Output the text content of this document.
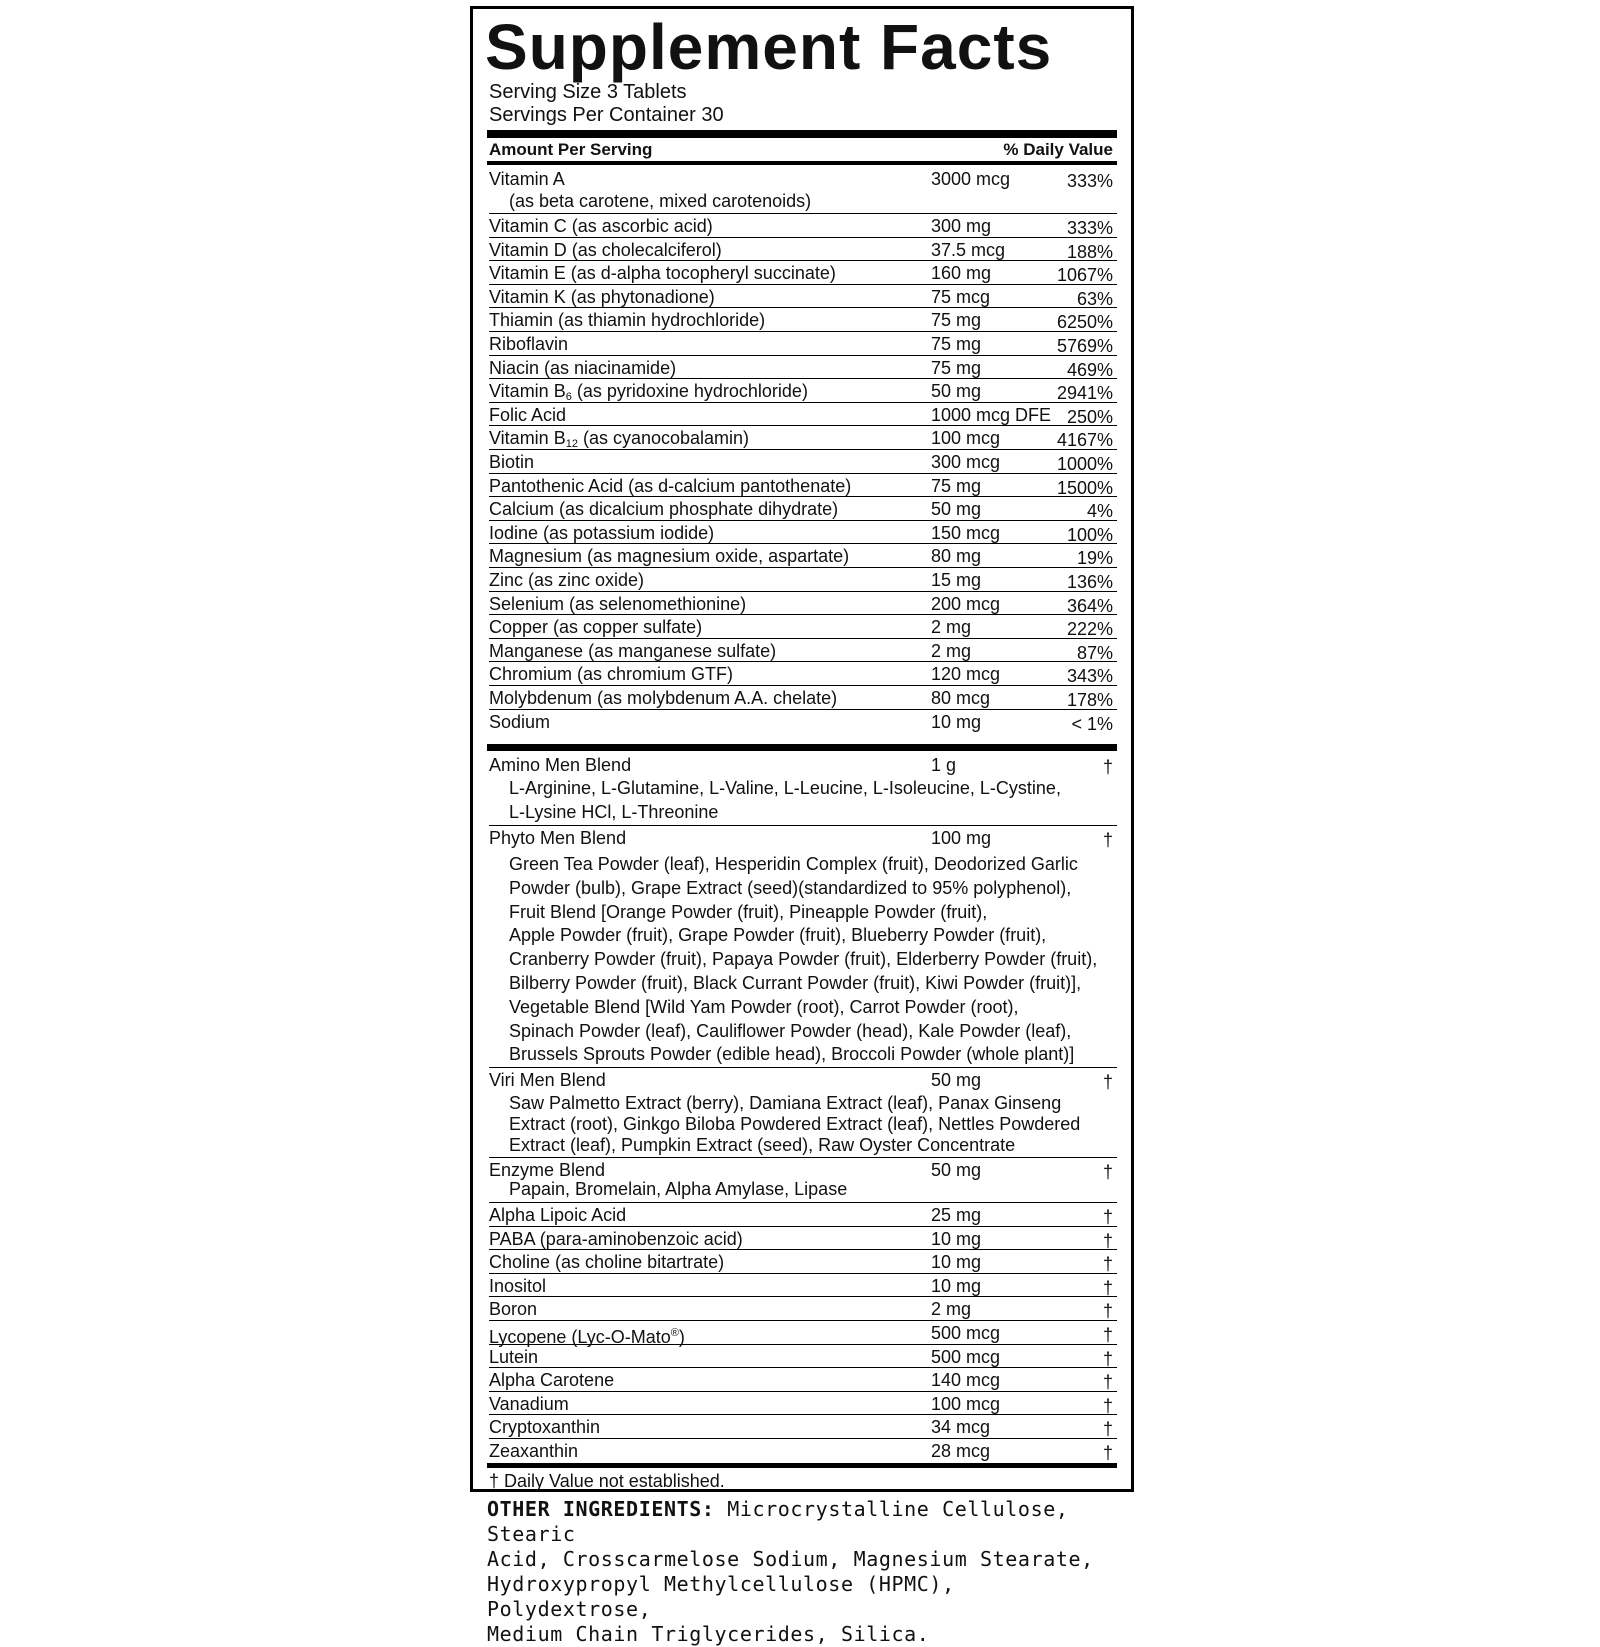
Supplement Facts
Serving Size 3 Tablets
Servings Per Container 30
Amount Per Serving	% Daily Value
Vitamin A	3000 mcg	333%
(as beta carotene, mixed carotenoids)
Vitamin C (as ascorbic acid)	300 mg	333%
Vitamin D (as cholecalciferol)	37.5 mcg	188%
Vitamin E (as d-alpha tocopheryl succinate)	160 mg	1067%
Vitamin K (as phytonadione)	75 mcg	63%
Thiamin (as thiamin hydrochloride)	75 mg	6250%
Riboflavin	75 mg	5769%
Niacin (as niacinamide)	75 mg	469%
Vitamin $B_6$ (as pyridoxine hydrochloride)	50 mg	2941%
Folic Acid	1000 mcg DFE 250%
Vitamin $B_{12}$ (as cyanocobalamin)	100 mcg	4167%
Biotin	300 mcg	1000%
Pantothenic Acid (as d-calcium pantothenate)	75 mg	1500%
Calcium (as dicalcium phosphate dihydrate)	50 mg	4%
Iodine (as potassium iodide)	150 mcg	100%
Magnesium (as magnesium oxide, aspartate)	80 mg	19%
Zinc (as zinc oxide)	15 mg	136%
Selenium (as selenomethionine)	200 mcg	364%
Copper (as copper sulfate)	2 mg	222%
Manganese (as manganese sulfate)	2 mg	87%
Chromium (as chromium GTF)	120 mcg	343%
Molybdenum (as molybdenum A.A. chelate)	80 mcg	178%
Sodium	10 mg	< 1%
Amino Men Blend	1 g	†
L-Arginine, L-Glutamine, L-Valine, L-Leucine, L-Isoleucine, L-Cystine,
L-Lysine HCl, L-Threonine
Phyto Men Blend	100 mg	†
Green Tea Powder (leaf), Hesperidin Complex (fruit), Deodorized Garlic
Powder (bulb), Grape Extract (seed)(standardized to 95% polyphenol),
Fruit Blend [Orange Powder (fruit), Pineapple Powder (fruit),
Apple Powder (fruit), Grape Powder (fruit), Blueberry Powder (fruit),
Cranberry Powder (fruit), Papaya Powder (fruit), Elderberry Powder (fruit),
Bilberry Powder (fruit), Black Currant Powder (fruit), Kiwi Powder (fruit)],
Vegetable Blend [Wild Yam Powder (root), Carrot Powder (root),
Spinach Powder (leaf), Cauliflower Powder (head), Kale Powder (leaf),
Brussels Sprouts Powder (edible head), Broccoli Powder (whole plant)]
Viri Men Blend	50 mg	†
Saw Palmetto Extract (berry), Damiana Extract (leaf), Panax Ginseng
Extract (root), Ginkgo Biloba Powdered Extract (leaf), Nettles Powdered
Extract (leaf), Pumpkin Extract (seed), Raw Oyster Concentrate
Enzyme Blend	50 mg	†
Papain, Bromelain, Alpha Amylase, Lipase
Alpha Lipoic Acid	25 mg	†
PABA (para-aminobenzoic acid)	10 mg	†
Choline (as choline bitartrate)	10 mg	†
Inositol	10 mg	†
Boron	2 mg	†
Lycopene (Lyc-O-Mato®)	500 mcg	†
Lutein	500 mcg	†
Alpha Carotene	140 mcg	†
Vanadium	100 mcg	†
Cryptoxanthin	34 mcg	†
Zeaxanthin	28 mcg	†
† Daily Value not established.
OTHER INGREDIENTS: Microcrystalline Cellulose, Stearic
Acid, Crosscarmelose Sodium, Magnesium Stearate,
Hydroxypropyl Methylcellulose (HPMC), Polydextrose,
Medium Chain Triglycerides, Silica.
